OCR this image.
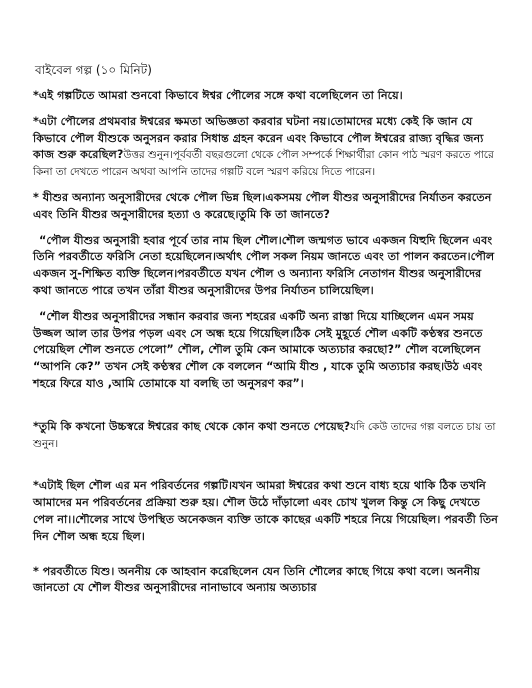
বাইবেল গল্প (১০ মিনিট)

*এই গল্পটিতে আমরা শুনবো কিভাবে ঈশ্বর পৌলের সঙ্গে কথা বলেছিলেন তা নিয়ে।

*এটা পৌলের প্রথমবার ঈশ্বরের ক্ষমতা অভিজ্ঞতা করবার ঘটনা নয়।তোমাদের মধ্যে কেই কি জান যে কিভাবে পৌল যীশুকে অনুসরন করার সিধান্ত গ্রহন করেন এবং কিভাবে পৌল ঈশ্বরের রাজ্য বৃদ্ধির জন্য কাজ শুরু করেছিল?উত্তর শুনুন।পূর্ববর্তী বছরগুলো থেকে পৌল সম্পর্কে শিক্ষার্থীরা কোন পাঠ স্মরণ করতে পারে কিনা তা দেখতে পারেন অথবা আপনি তাদের গল্পটি বলে স্মরণ করিয়ে দিতে পারেন।

* যীশুর অন্যান্য অনুসারীদের থেকে পৌল ভিন্ন ছিল।একসময় পৌল যীশুর অনুসারীদের নির্যাতন করতেন এবং তিনি যীশুর অনুসারীদের হত্যা ও করেছে।তুমি কি তা জানতে?

“পৌল যীশুর অনুসারী হবার পূর্বে তার নাম ছিল শৌল।শৌল জন্মগত ভাবে একজন যিহুদি ছিলেন এবং তিনি পরবর্তীতে ফরিসি নেতা হয়েছিলেন।অর্থাৎ পৌল সকল নিয়ম জানতে এবং তা পালন করতেন।পৌল একজন সু-শিক্ষিত ব্যক্তি ছিলেন।পরবর্তীতে যখন পৌল ও অন্যান্য ফরিসি নেতাগন যীশুর অনুসারীদের কথা জানতে পারে তখন তাঁরা যীশুর অনুসারীদের উপর নির্যাতন চালিয়েছিল।

“শৌল যীশুর অনুসারীদের সন্ধান করবার জন্য শহরের একটি অন্য রাস্তা দিয়ে যাচ্ছিলেন এমন সময় উজ্জল আল তার উপর পড়ল এবং সে অন্ধ হয়ে গিয়েছিল।ঠিক সেই মুহূর্তে শৌল একটি কণ্ঠস্বর শুনতে পেয়েছিল শৌল শুনতে পেলো” শৌল, শৌল তুমি কেন আমাকে অত্যচার করছো?” শৌল বলেছিলেন “আপনি কে?” তখন সেই কণ্ঠস্বর শৌল কে বললেন “আমি যীশু , যাকে তুমি অত্যচার করছ।উঠ এবং শহরে ফিরে যাও ,আমি তোমাকে যা বলছি তা অনুসরণ কর”।

*তুমি কি কখনো উচ্চস্বরে ঈশ্বরের কাছ থেকে কোন কথা শুনতে পেয়েছ?যদি কেউ তাদের গল্প বলতে চায় তা শুনুন।

*এটাই ছিল শৌল এর মন পরিবর্তনের গল্পটি।যখন আমরা ঈশ্বরের কথা শুনে বাধ্য হয়ে থাকি ঠিক তখনি আমাদের মন পরিবর্তনের প্রক্রিয়া শুরু হয়। শৌল উঠে দাঁড়ালো এবং চোখ খুলল কিন্তু সে কিছু দেখতে পেল না।।শৌলের সাথে উপস্থিত অনেকজন ব্যক্তি তাকে কাছের একটি শহরে নিয়ে গিয়েছিল। পরবর্তী তিন দিন শৌল অন্ধ হয়ে ছিল।

* পরবর্তীতে যিশু। অননীয় কে আহবান করেছিলেন যেন তিনি শৌলের কাছে গিয়ে কথা বলে। অননীয় জানতো যে শৌল যীশুর অনুসারীদের নানাভাবে অন্যায় অত্যচার
